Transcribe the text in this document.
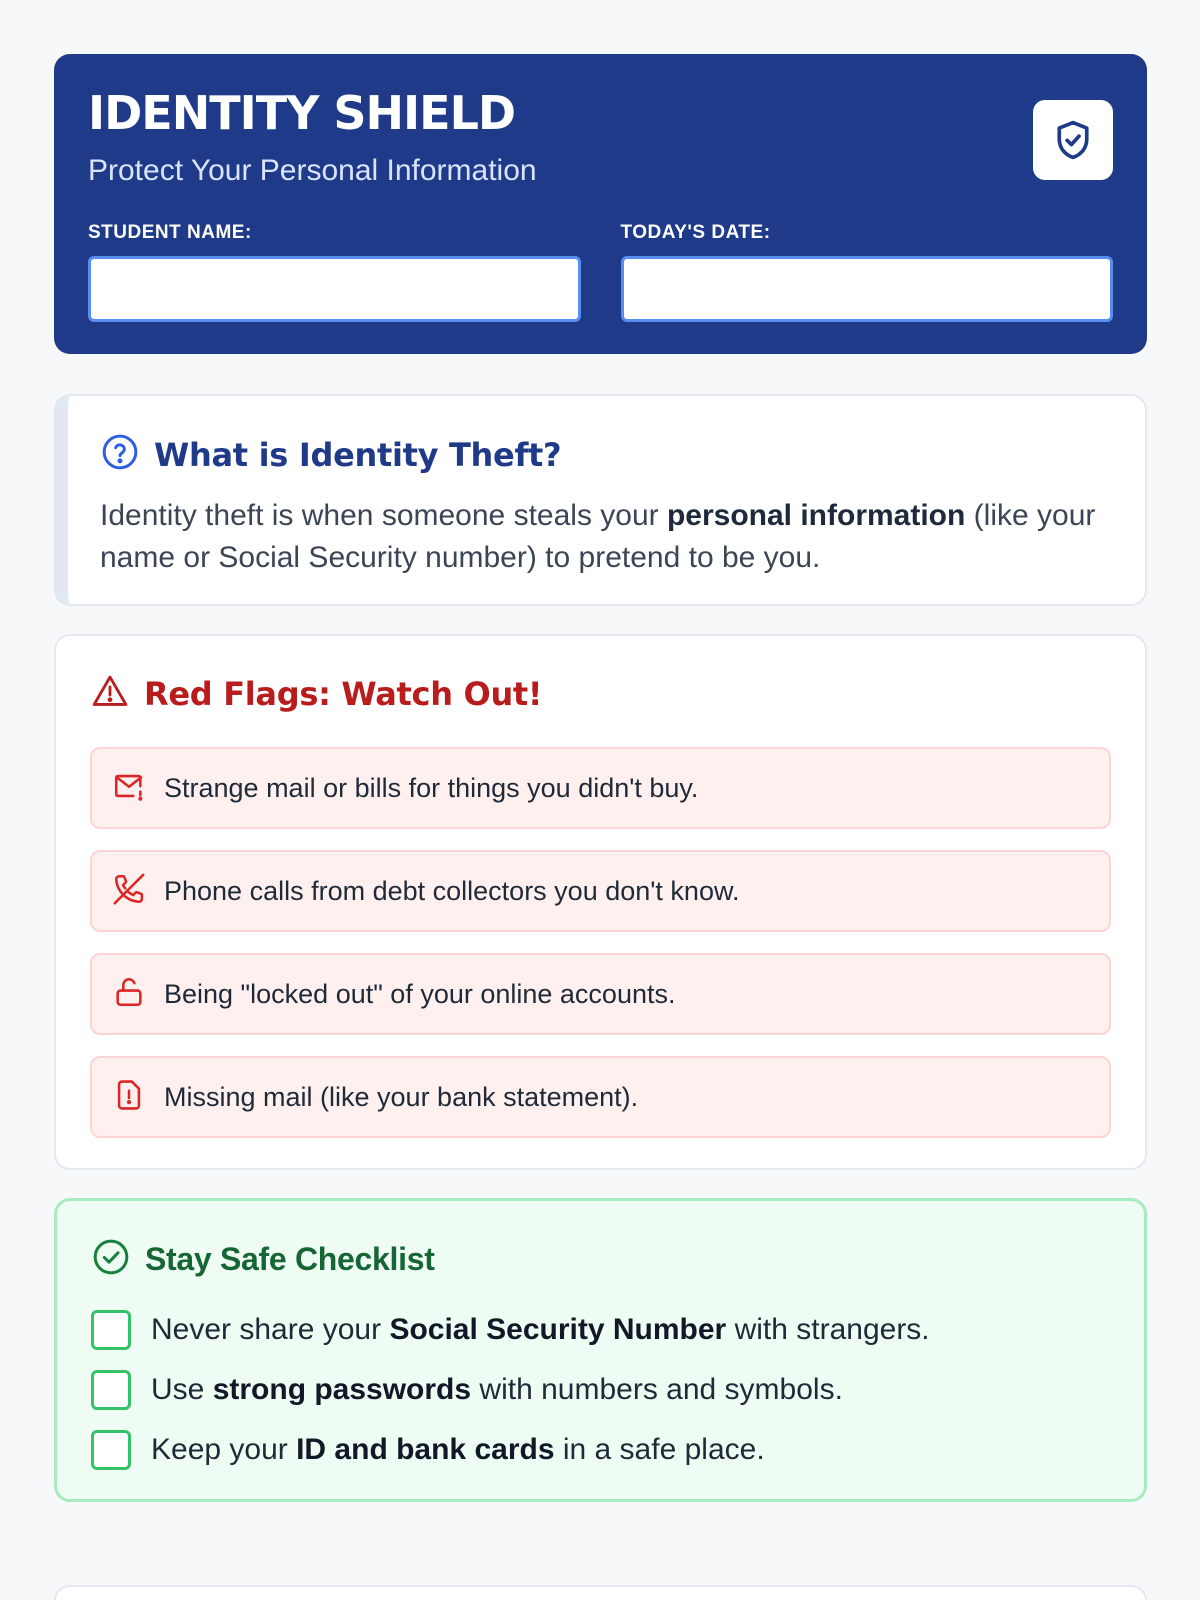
IDENTITY SHIELD
Protect Your Personal Information
STUDENT NAME:	TODAY'S DATE:
What is Identity Theft?

Identity theft is when someone steals your personal information (like your name or Social Security number) to pretend to be you.

Red Flags: Watch Out!
Strange mail or bills for things you didn't buy.
Phone calls from debt collectors you don't know.
Being "locked out" of your online accounts.
Missing mail (like your bank statement).
Stay Safe Checklist
Never share your Social Security Number with strangers.
Use strong passwords with numbers and symbols.
Keep your ID and bank cards in a safe place.
